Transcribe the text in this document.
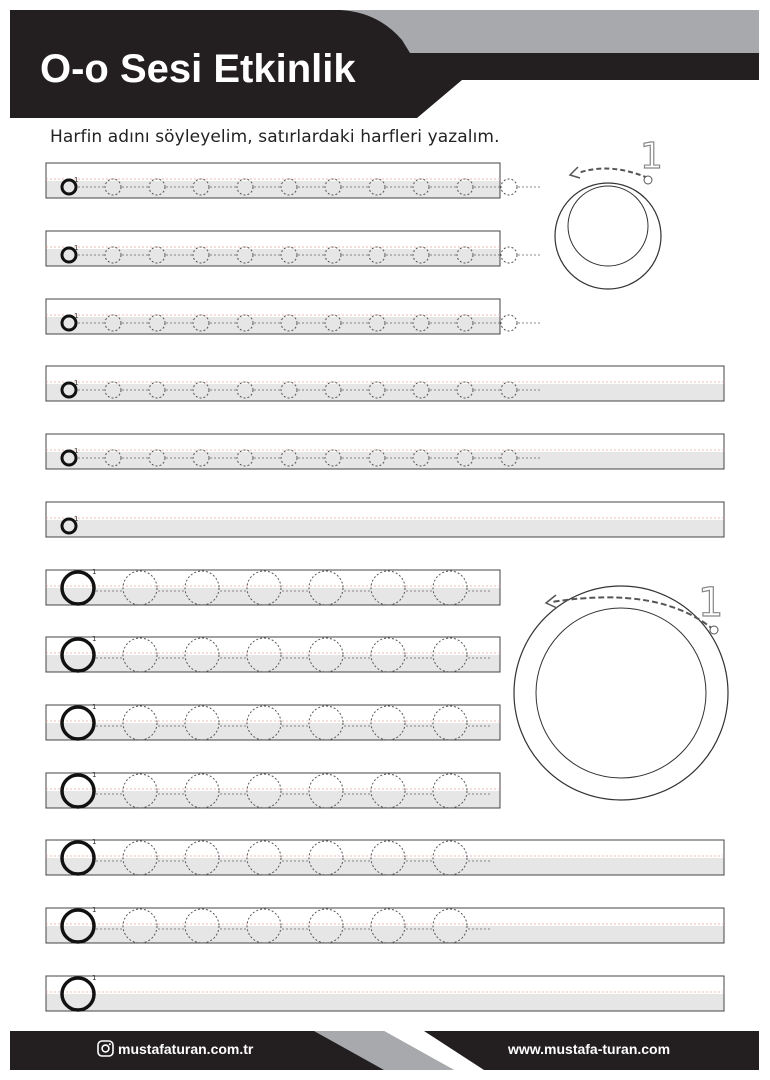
1
1
1
1
1
1
1
1
1
1
1
1
1
1
1
O-o Sesi Etkinlik
Harfin adını söyleyelim, satırlardaki harfleri yazalım.
mustafaturan.com.tr	www.mustafa-turan.com
